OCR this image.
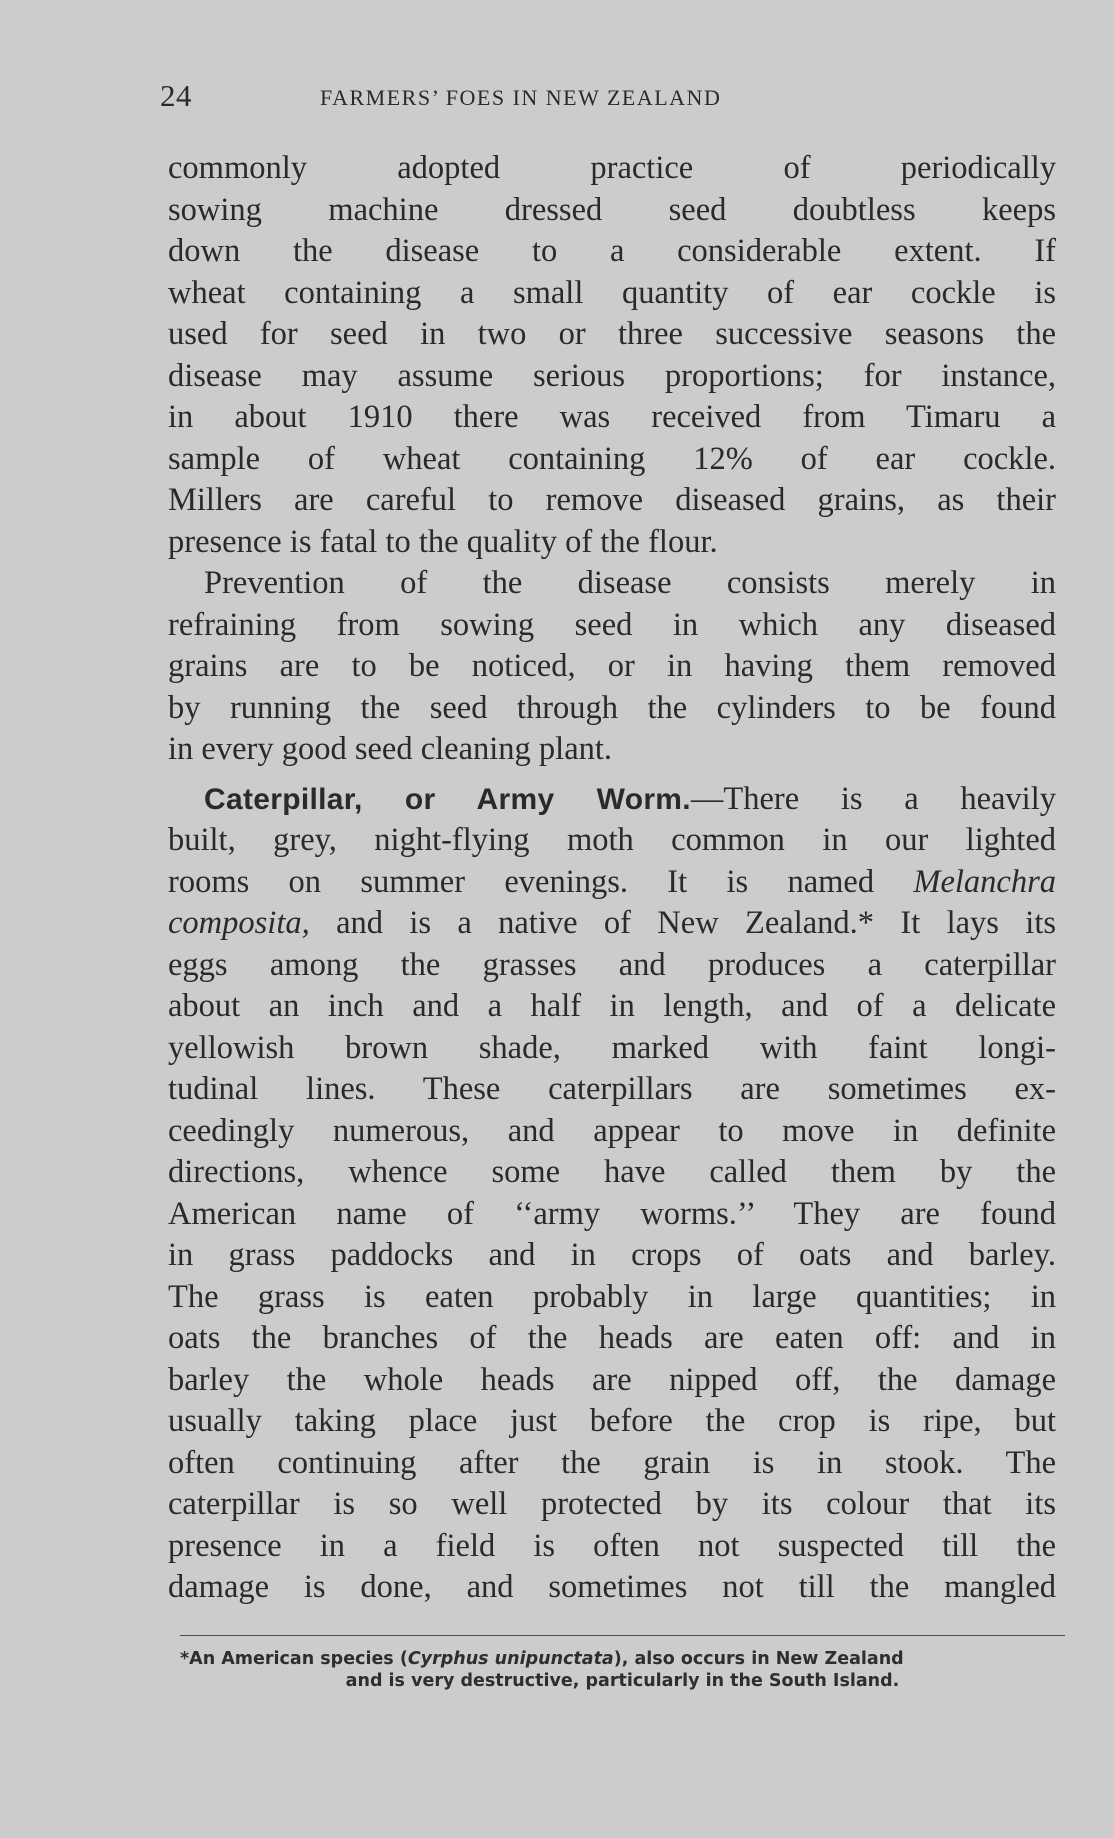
24	FARMERS’ FOES IN NEW ZEALAND

commonly adopted practice of periodically
sowing machine dressed seed doubtless keeps
down the disease to a considerable extent. If
wheat containing a small quantity of ear cockle is
used for seed in two or three successive seasons the
disease may assume serious proportions; for instance,
in about 1910 there was received from Timaru a
sample of wheat containing 12% of ear cockle.
Millers are careful to remove diseased grains, as their
presence is fatal to the quality of the flour.

Prevention of the disease consists merely in
refraining from sowing seed in which any diseased
grains are to be noticed, or in having them removed
by running the seed through the cylinders to be found
in every good seed cleaning plant.

Caterpillar, or Army Worm.—There is a heavily
built, grey, night-flying moth common in our lighted
rooms on summer evenings. It is named Melanchra
composita, and is a native of New Zealand.* It lays its
eggs among the grasses and produces a caterpillar
about an inch and a half in length, and of a delicate
yellowish brown shade, marked with faint longi-
tudinal lines. These caterpillars are sometimes ex-
ceedingly numerous, and appear to move in definite
directions, whence some have called them by the
American name of ‘‘army worms.’’ They are found
in grass paddocks and in crops of oats and barley.
The grass is eaten probably in large quantities; in
oats the branches of the heads are eaten off: and in
barley the whole heads are nipped off, the damage
usually taking place just before the crop is ripe, but
often continuing after the grain is in stook. The
caterpillar is so well protected by its colour that its
presence in a field is often not suspected till the
damage is done, and sometimes not till the mangled

*An American species (Cyrphus unipunctata), also occurs in New Zealand
and is very destructive, particularly in the South Island.
